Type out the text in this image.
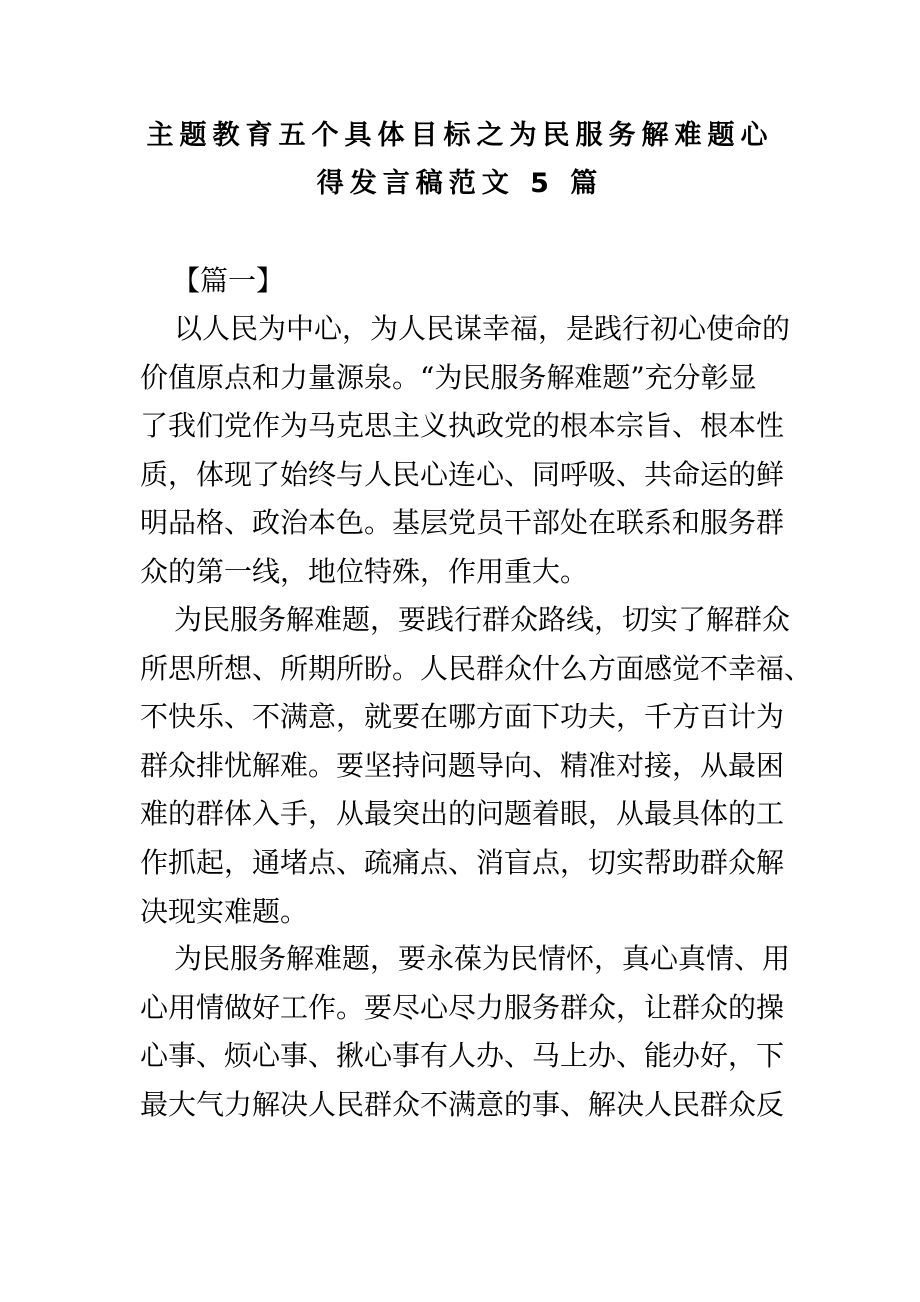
主题教育五个具体目标之为民服务解难题心
得发言稿范文 5 篇
【篇一】
以人民为中心，为人民谋幸福，是践行初心使命的
价值原点和力量源泉。“为民服务解难题”充分彰显
了我们党作为马克思主义执政党的根本宗旨、根本性
质，体现了始终与人民心连心、同呼吸、共命运的鲜
明品格、政治本色。基层党员干部处在联系和服务群
众的第一线，地位特殊，作用重大。
为民服务解难题，要践行群众路线，切实了解群众
所思所想、所期所盼。人民群众什么方面感觉不幸福、
不快乐、不满意，就要在哪方面下功夫，千方百计为
群众排忧解难。要坚持问题导向、精准对接，从最困
难的群体入手，从最突出的问题着眼，从最具体的工
作抓起，通堵点、疏痛点、消盲点，切实帮助群众解
决现实难题。
为民服务解难题，要永葆为民情怀，真心真情、用
心用情做好工作。要尽心尽力服务群众，让群众的操
心事、烦心事、揪心事有人办、马上办、能办好，下
最大气力解决人民群众不满意的事、解决人民群众反
